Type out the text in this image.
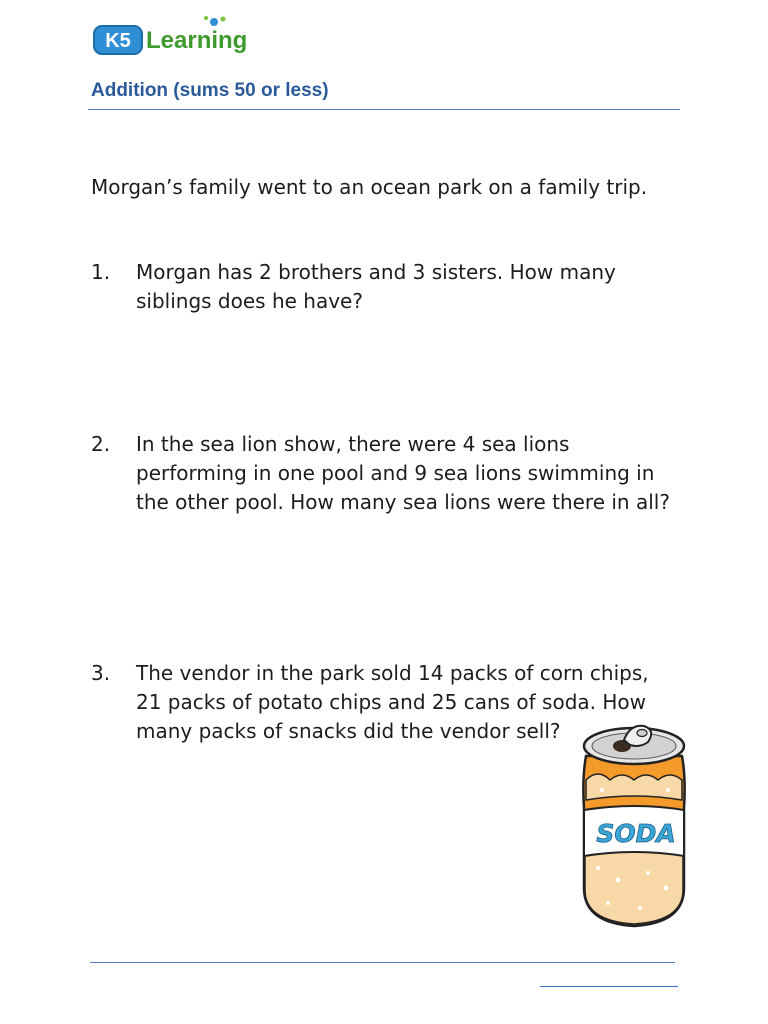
K5 Learning
Addition (sums 50 or less)

Morgan’s family went to an ocean park on a family trip.

1. Morgan has 2 brothers and 3 sisters. How many siblings does he have?

2. In the sea lion show, there were 4 sea lions performing in one pool and 9 sea lions swimming in the other pool. How many sea lions were there in all?

3. The vendor in the park sold 14 packs of corn chips, 21 packs of potato chips and 25 cans of soda. How many packs of snacks did the vendor sell?

SODA
